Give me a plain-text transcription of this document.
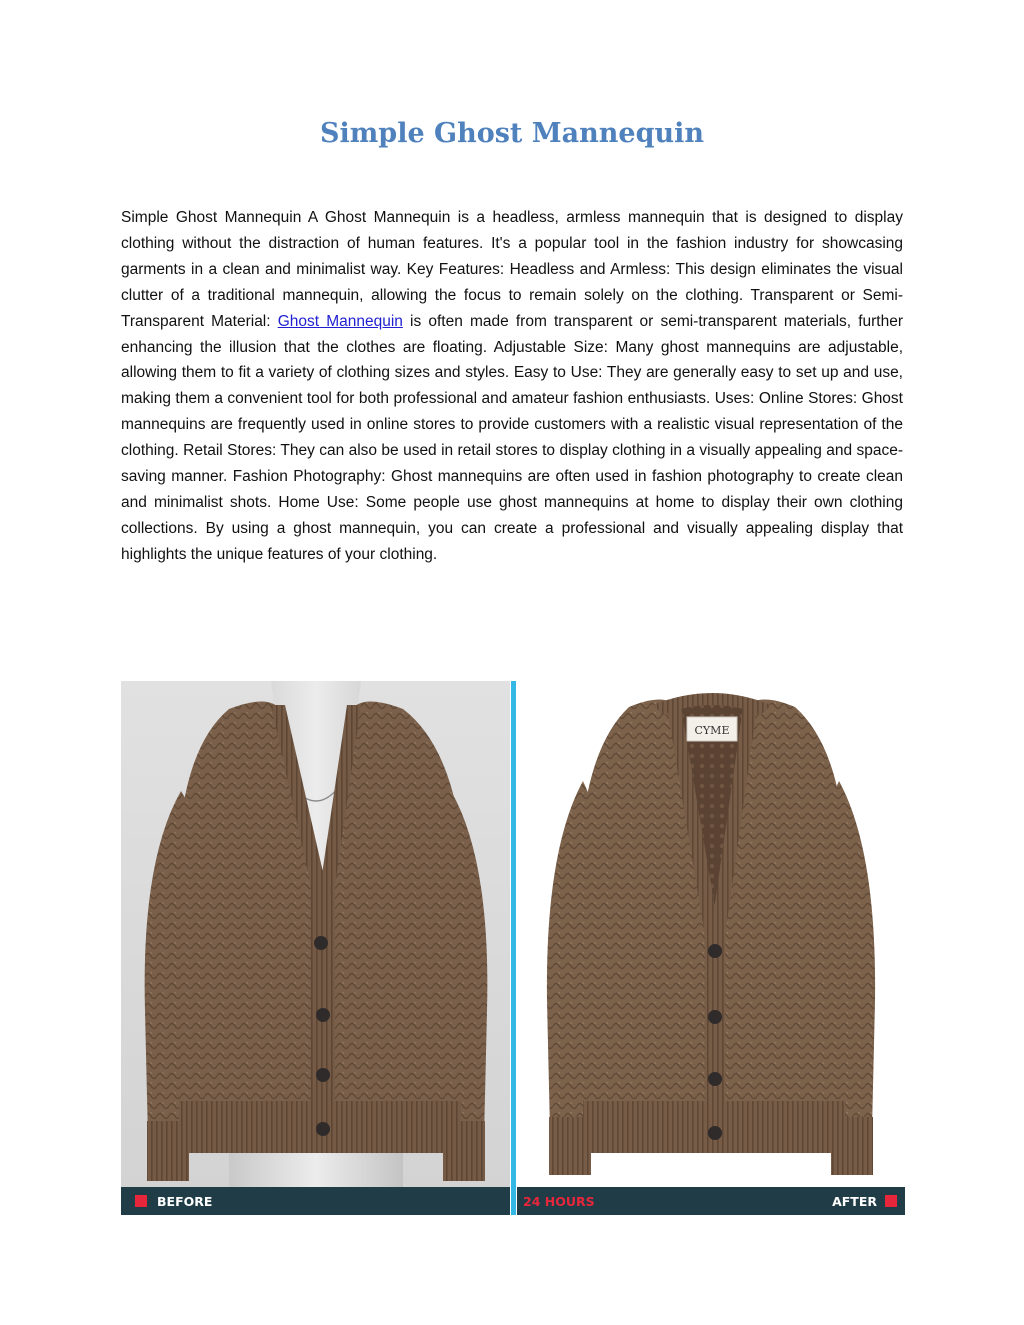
Simple Ghost Mannequin

Simple Ghost Mannequin A Ghost Mannequin is a headless, armless mannequin that is designed to display clothing without the distraction of human features. It's a popular tool in the fashion industry for showcasing garments in a clean and minimalist way. Key Features: Headless and Armless: This design eliminates the visual clutter of a traditional mannequin, allowing the focus to remain solely on the clothing. Transparent or Semi-Transparent Material: Ghost Mannequin is often made from transparent or semi-transparent materials, further enhancing the illusion that the clothes are floating. Adjustable Size: Many ghost mannequins are adjustable, allowing them to fit a variety of clothing sizes and styles. Easy to Use: They are generally easy to set up and use, making them a convenient tool for both professional and amateur fashion enthusiasts. Uses: Online Stores: Ghost mannequins are frequently used in online stores to provide customers with a realistic visual representation of the clothing. Retail Stores: They can also be used in retail stores to display clothing in a visually appealing and space-saving manner. Fashion Photography: Ghost mannequins are often used in fashion photography to create clean and minimalist shots. Home Use: Some people use ghost mannequins at home to display their own clothing collections. By using a ghost mannequin, you can create a professional and visually appealing display that highlights the unique features of your clothing.

CYME
BEFORE	24 HOURS	AFTER
